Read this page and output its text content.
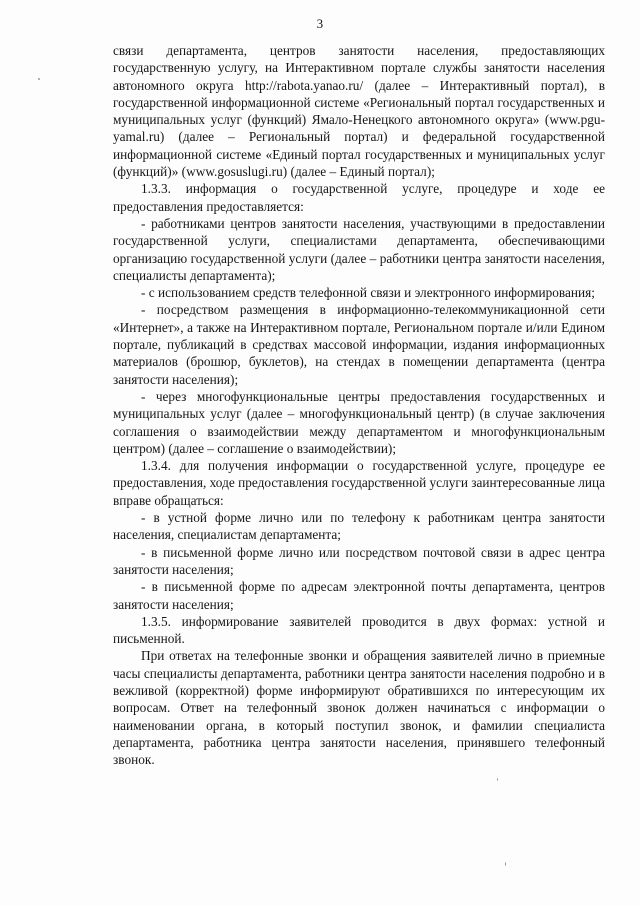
3

связи департамента, центров занятости населения, предоставляющих государственную услугу, на Интерактивном портале службы занятости населения автономного округа http://rabota.yanao.ru/ (далее – Интерактивный портал), в государственной информационной системе «Региональный портал государственных и муниципальных услуг (функций) Ямало-Ненецкого автономного округа» (www.pgu-yamal.ru) (далее – Региональный портал) и федеральной государственной информационной системе «Единый портал государственных и муниципальных услуг (функций)» (www.gosuslugi.ru) (далее – Единый портал);

1.3.3. информация о государственной услуге, процедуре и ходе ее предоставления предоставляется:

- работниками центров занятости населения, участвующими в предоставлении государственной услуги, специалистами департамента, обеспечивающими организацию государственной услуги (далее – работники центра занятости населения, специалисты департамента);

- с использованием средств телефонной связи и электронного информирования;

- посредством размещения в информационно-телекоммуникационной сети «Интернет», а также на Интерактивном портале, Региональном портале и/или Едином портале, публикаций в средствах массовой информации, издания информационных материалов (брошюр, буклетов), на стендах в помещении департамента (центра занятости населения);

- через многофункциональные центры предоставления государственных и муниципальных услуг (далее – многофункциональный центр) (в случае заключения соглашения о взаимодействии между департаментом и многофункциональным центром) (далее – соглашение о взаимодействии);

1.3.4. для получения информации о государственной услуге, процедуре ее предоставления, ходе предоставления государственной услуги заинтересованные лица вправе обращаться:

- в устной форме лично или по телефону к работникам центра занятости населения, специалистам департамента;

- в письменной форме лично или посредством почтовой связи в адрес центра занятости населения;

- в письменной форме по адресам электронной почты департамента, центров занятости населения;

1.3.5. информирование заявителей проводится в двух формах: устной и письменной.

При ответах на телефонные звонки и обращения заявителей лично в приемные часы специалисты департамента, работники центра занятости населения подробно и в вежливой (корректной) форме информируют обратившихся по интересующим их вопросам. Ответ на телефонный звонок должен начинаться с информации о наименовании органа, в который поступил звонок, и фамилии специалиста департамента, работника центра занятости населения, принявшего телефонный звонок.
